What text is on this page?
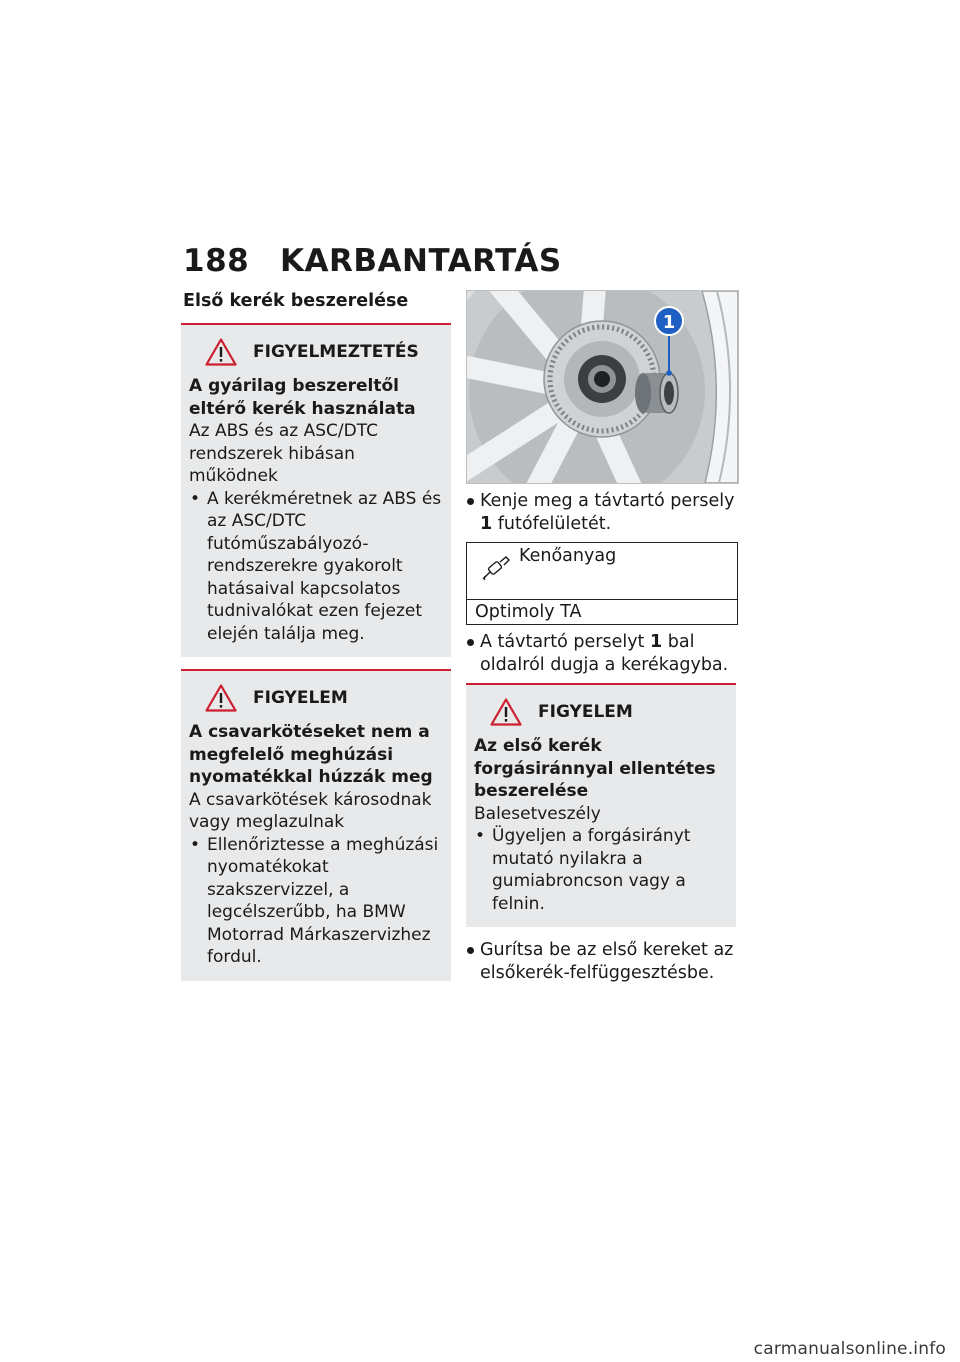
188 KARBANTARTÁS
Első kerék beszerelése
FIGYELMEZTETÉS
A gyárilag beszereltől eltérő kerék használata
Az ABS és az ASC/DTC rendszerek hibásan működnek
• A kerékméretnek az ABS és az ASC/DTC futóműszabályozó-rendszerekre gyakorolt hatásaival kapcsolatos tudnivalókat ezen fejezet elején találja meg.
FIGYELEM
A csavarkötéseket nem a megfelelő meghúzási nyomatékkal húzzák meg
A csavarkötések károsodnak vagy meglazulnak
• Ellenőriztesse a meghúzási nyomatékokat szakszervizzel, a legcélszerűbb, ha BMW Motorrad Márkaszervizhez fordul.
1
Kenje meg a távtartó persely 1 futófelületét.
Kenőanyag
Optimoly TA
A távtartó perselyt 1 bal oldalról dugja a kerékagyba.
FIGYELEM
Az első kerék forgásiránnyal ellentétes beszerelése
Balesetveszély
• Ügyeljen a forgásirányt mutató nyilakra a gumiabroncson vagy a felnin.
Gurítsa be az első kereket az elsőkerék-felfüggesztésbe.
carmanualsonline.info
